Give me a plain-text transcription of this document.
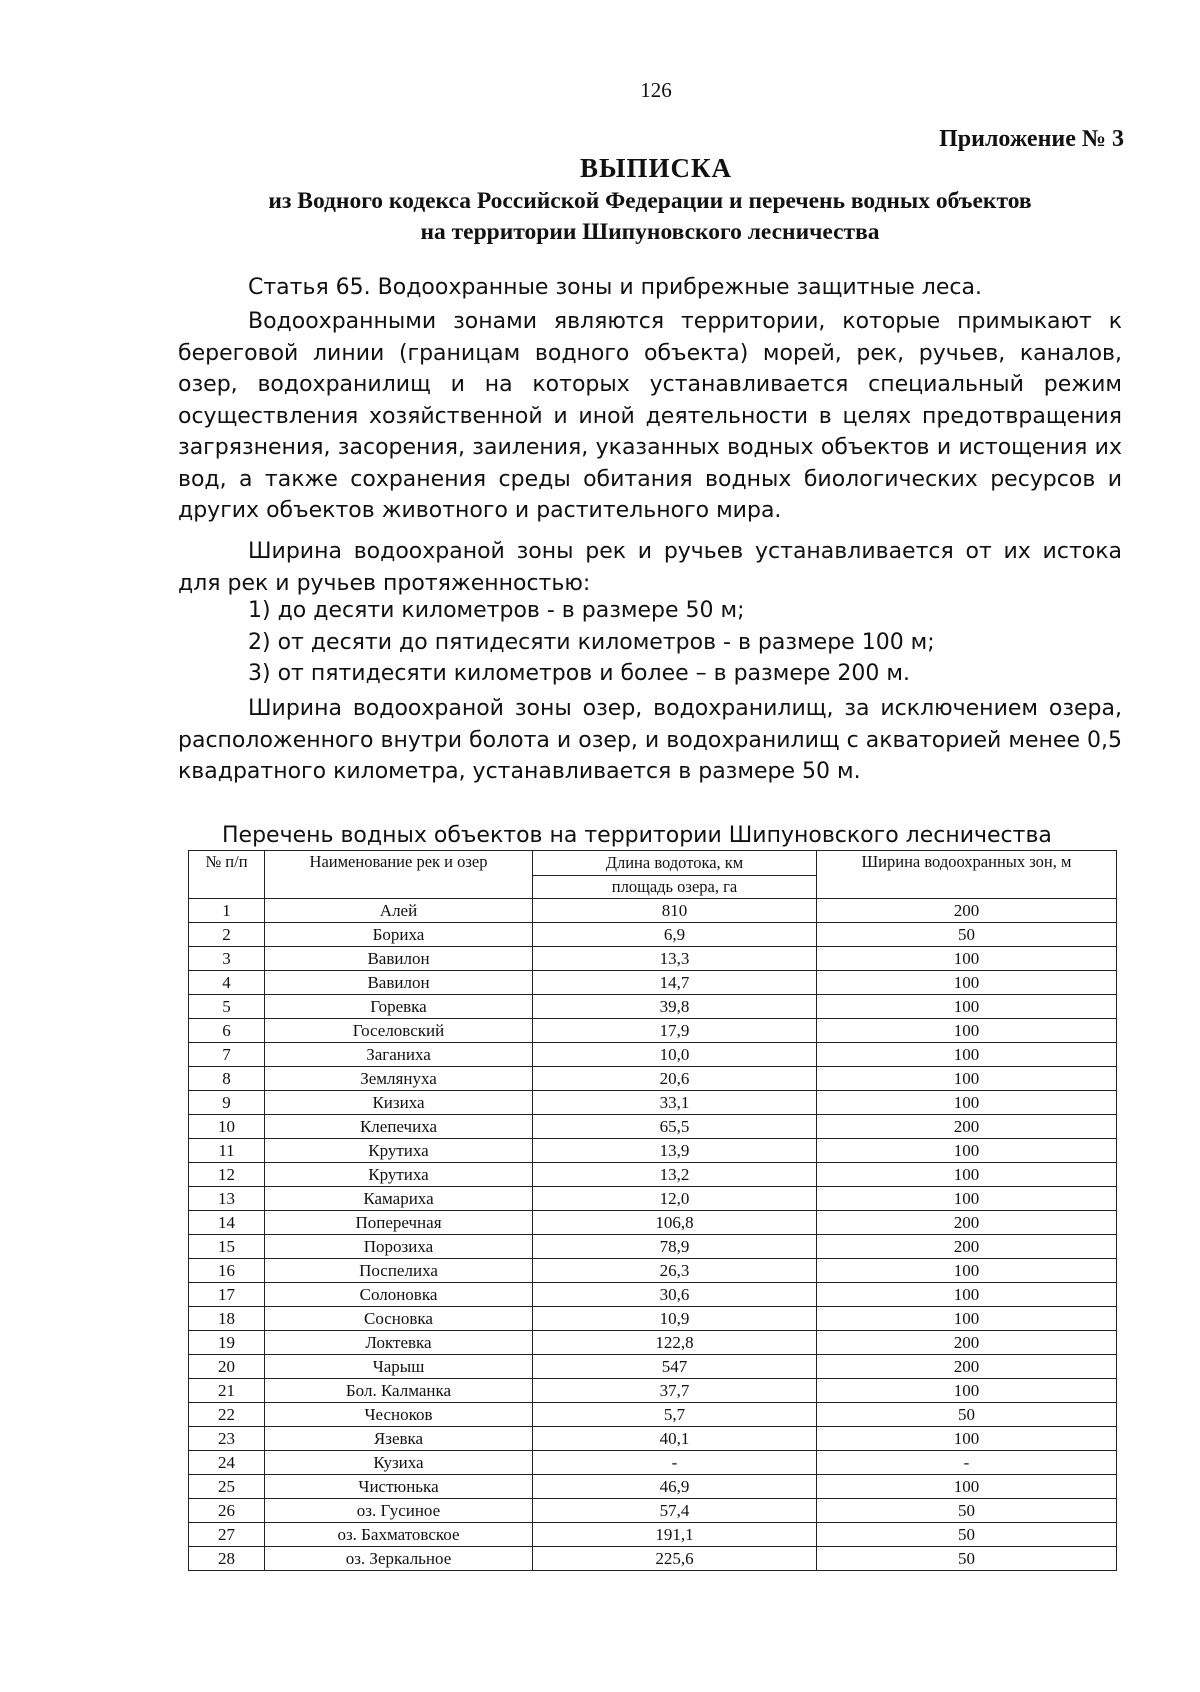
126
Приложение № 3
ВЫПИСКА
из Водного кодекса Российской Федерации и перечень водных объектов
на территории Шипуновского лесничества
Статья 65. Водоохранные зоны и прибрежные защитные леса.

Водоохранными зонами являются территории, которые примыкают к береговой линии (границам водного объекта) морей, рек, ручьев, каналов, озер, водохранилищ и на которых устанавливается специальный режим осуществления хозяйственной и иной деятельности в целях предотвращения загрязнения, засорения, заиления, указанных водных объектов и истощения их вод, а также сохранения среды обитания водных биологических ресурсов и других объектов животного и растительного мира.

Ширина водоохраной зоны рек и ручьев устанавливается от их истока для рек и ручьев протяженностью:

1) до десяти километров - в размере 50 м;
2) от десяти до пятидесяти километров - в размере 100 м;
3) от пятидесяти километров и более – в размере 200 м.

Ширина водоохраной зоны озер, водохранилищ, за исключением озера, расположенного внутри болота и озер, и водохранилищ с акваторией менее 0,5 квадратного километра, устанавливается в размере 50 м.

Перечень водных объектов на территории Шипуновского лесничества
№ п/п	Наименование рек и озер	Длина водотока, км	Ширина водоохранных зон, м
		площадь озера, га	
1	Алей	810	200
2	Бориха	6,9	50
3	Вавилон	13,3	100
4	Вавилон	14,7	100
5	Горевка	39,8	100
6	Госеловский	17,9	100
7	Заганиха	10,0	100
8	Землянуха	20,6	100
9	Кизиха	33,1	100
10	Клепечиха	65,5	200
11	Крутиха	13,9	100
12	Крутиха	13,2	100
13	Камариха	12,0	100
14	Поперечная	106,8	200
15	Порозиха	78,9	200
16	Поспелиха	26,3	100
17	Солоновка	30,6	100
18	Сосновка	10,9	100
19	Локтевка	122,8	200
20	Чарыш	547	200
21	Бол. Калманка	37,7	100
22	Чесноков	5,7	50
23	Язевка	40,1	100
24	Кузиха	-	-
25	Чистюнька	46,9	100
26	оз. Гусиное	57,4	50
27	оз. Бахматовское	191,1	50
28	оз. Зеркальное	225,6	50
